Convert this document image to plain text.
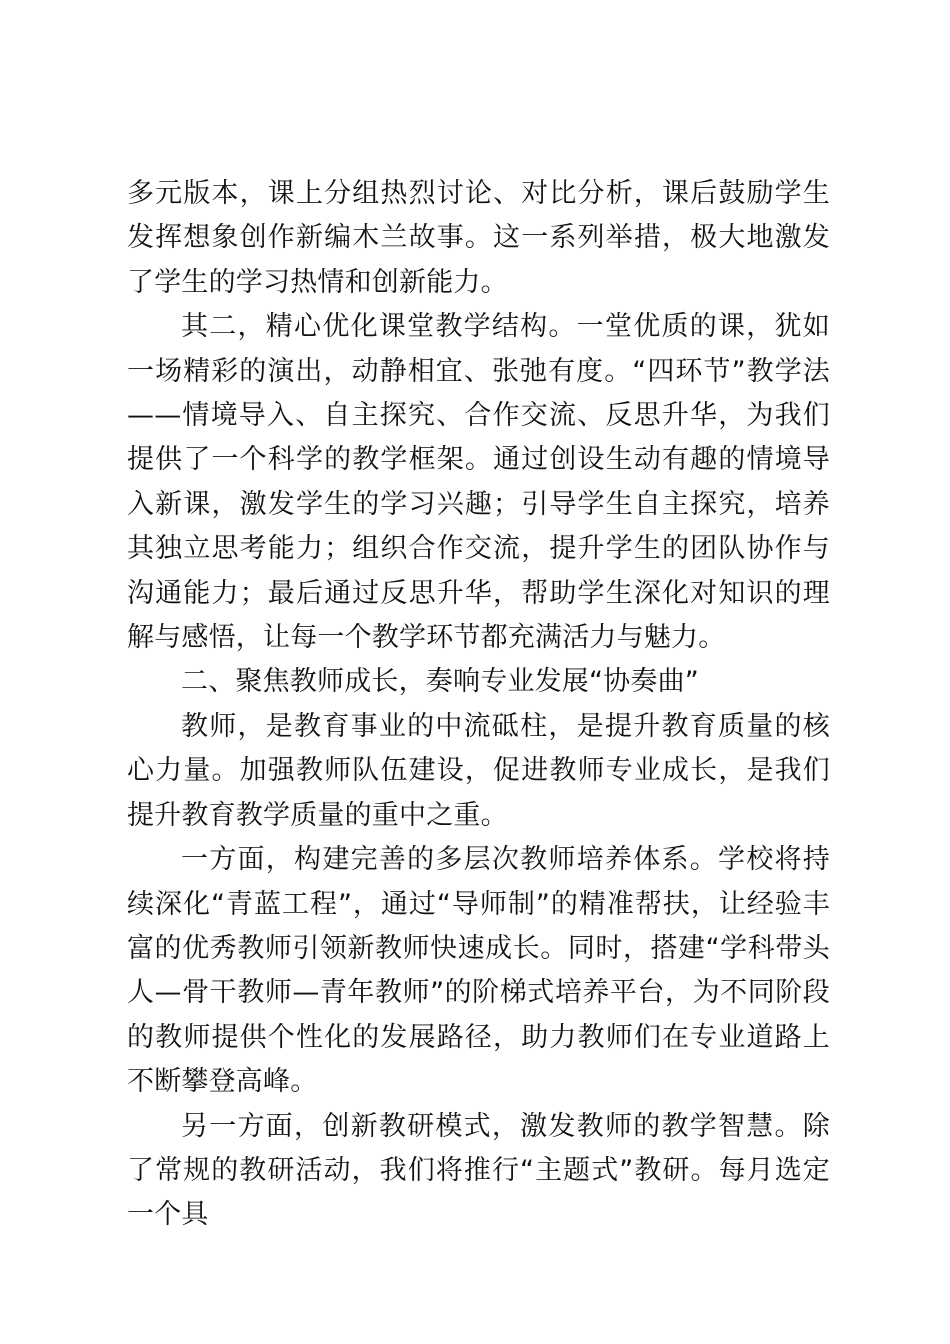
多元版本，课上分组热烈讨论、对比分析，课后鼓励学生发挥想象创作新编木兰故事。这一系列举措，极大地激发了学生的学习热情和创新能力。

其二，精心优化课堂教学结构。一堂优质的课，犹如一场精彩的演出，动静相宜、张弛有度。“四环节”教学法——情境导入、自主探究、合作交流、反思升华，为我们提供了一个科学的教学框架。通过创设生动有趣的情境导入新课，激发学生的学习兴趣；引导学生自主探究，培养其独立思考能力；组织合作交流，提升学生的团队协作与沟通能力；最后通过反思升华，帮助学生深化对知识的理解与感悟，让每一个教学环节都充满活力与魅力。

二、聚焦教师成长，奏响专业发展“协奏曲”

教师，是教育事业的中流砥柱，是提升教育质量的核心力量。加强教师队伍建设，促进教师专业成长，是我们提升教育教学质量的重中之重。

一方面，构建完善的多层次教师培养体系。学校将持续深化“青蓝工程”，通过“导师制”的精准帮扶，让经验丰富的优秀教师引领新教师快速成长。同时，搭建“学科带头人—骨干教师—青年教师”的阶梯式培养平台，为不同阶段的教师提供个性化的发展路径，助力教师们在专业道路上不断攀登高峰。

另一方面，创新教研模式，激发教师的教学智慧。除了常规的教研活动，我们将推行“主题式”教研。每月选定一个具
